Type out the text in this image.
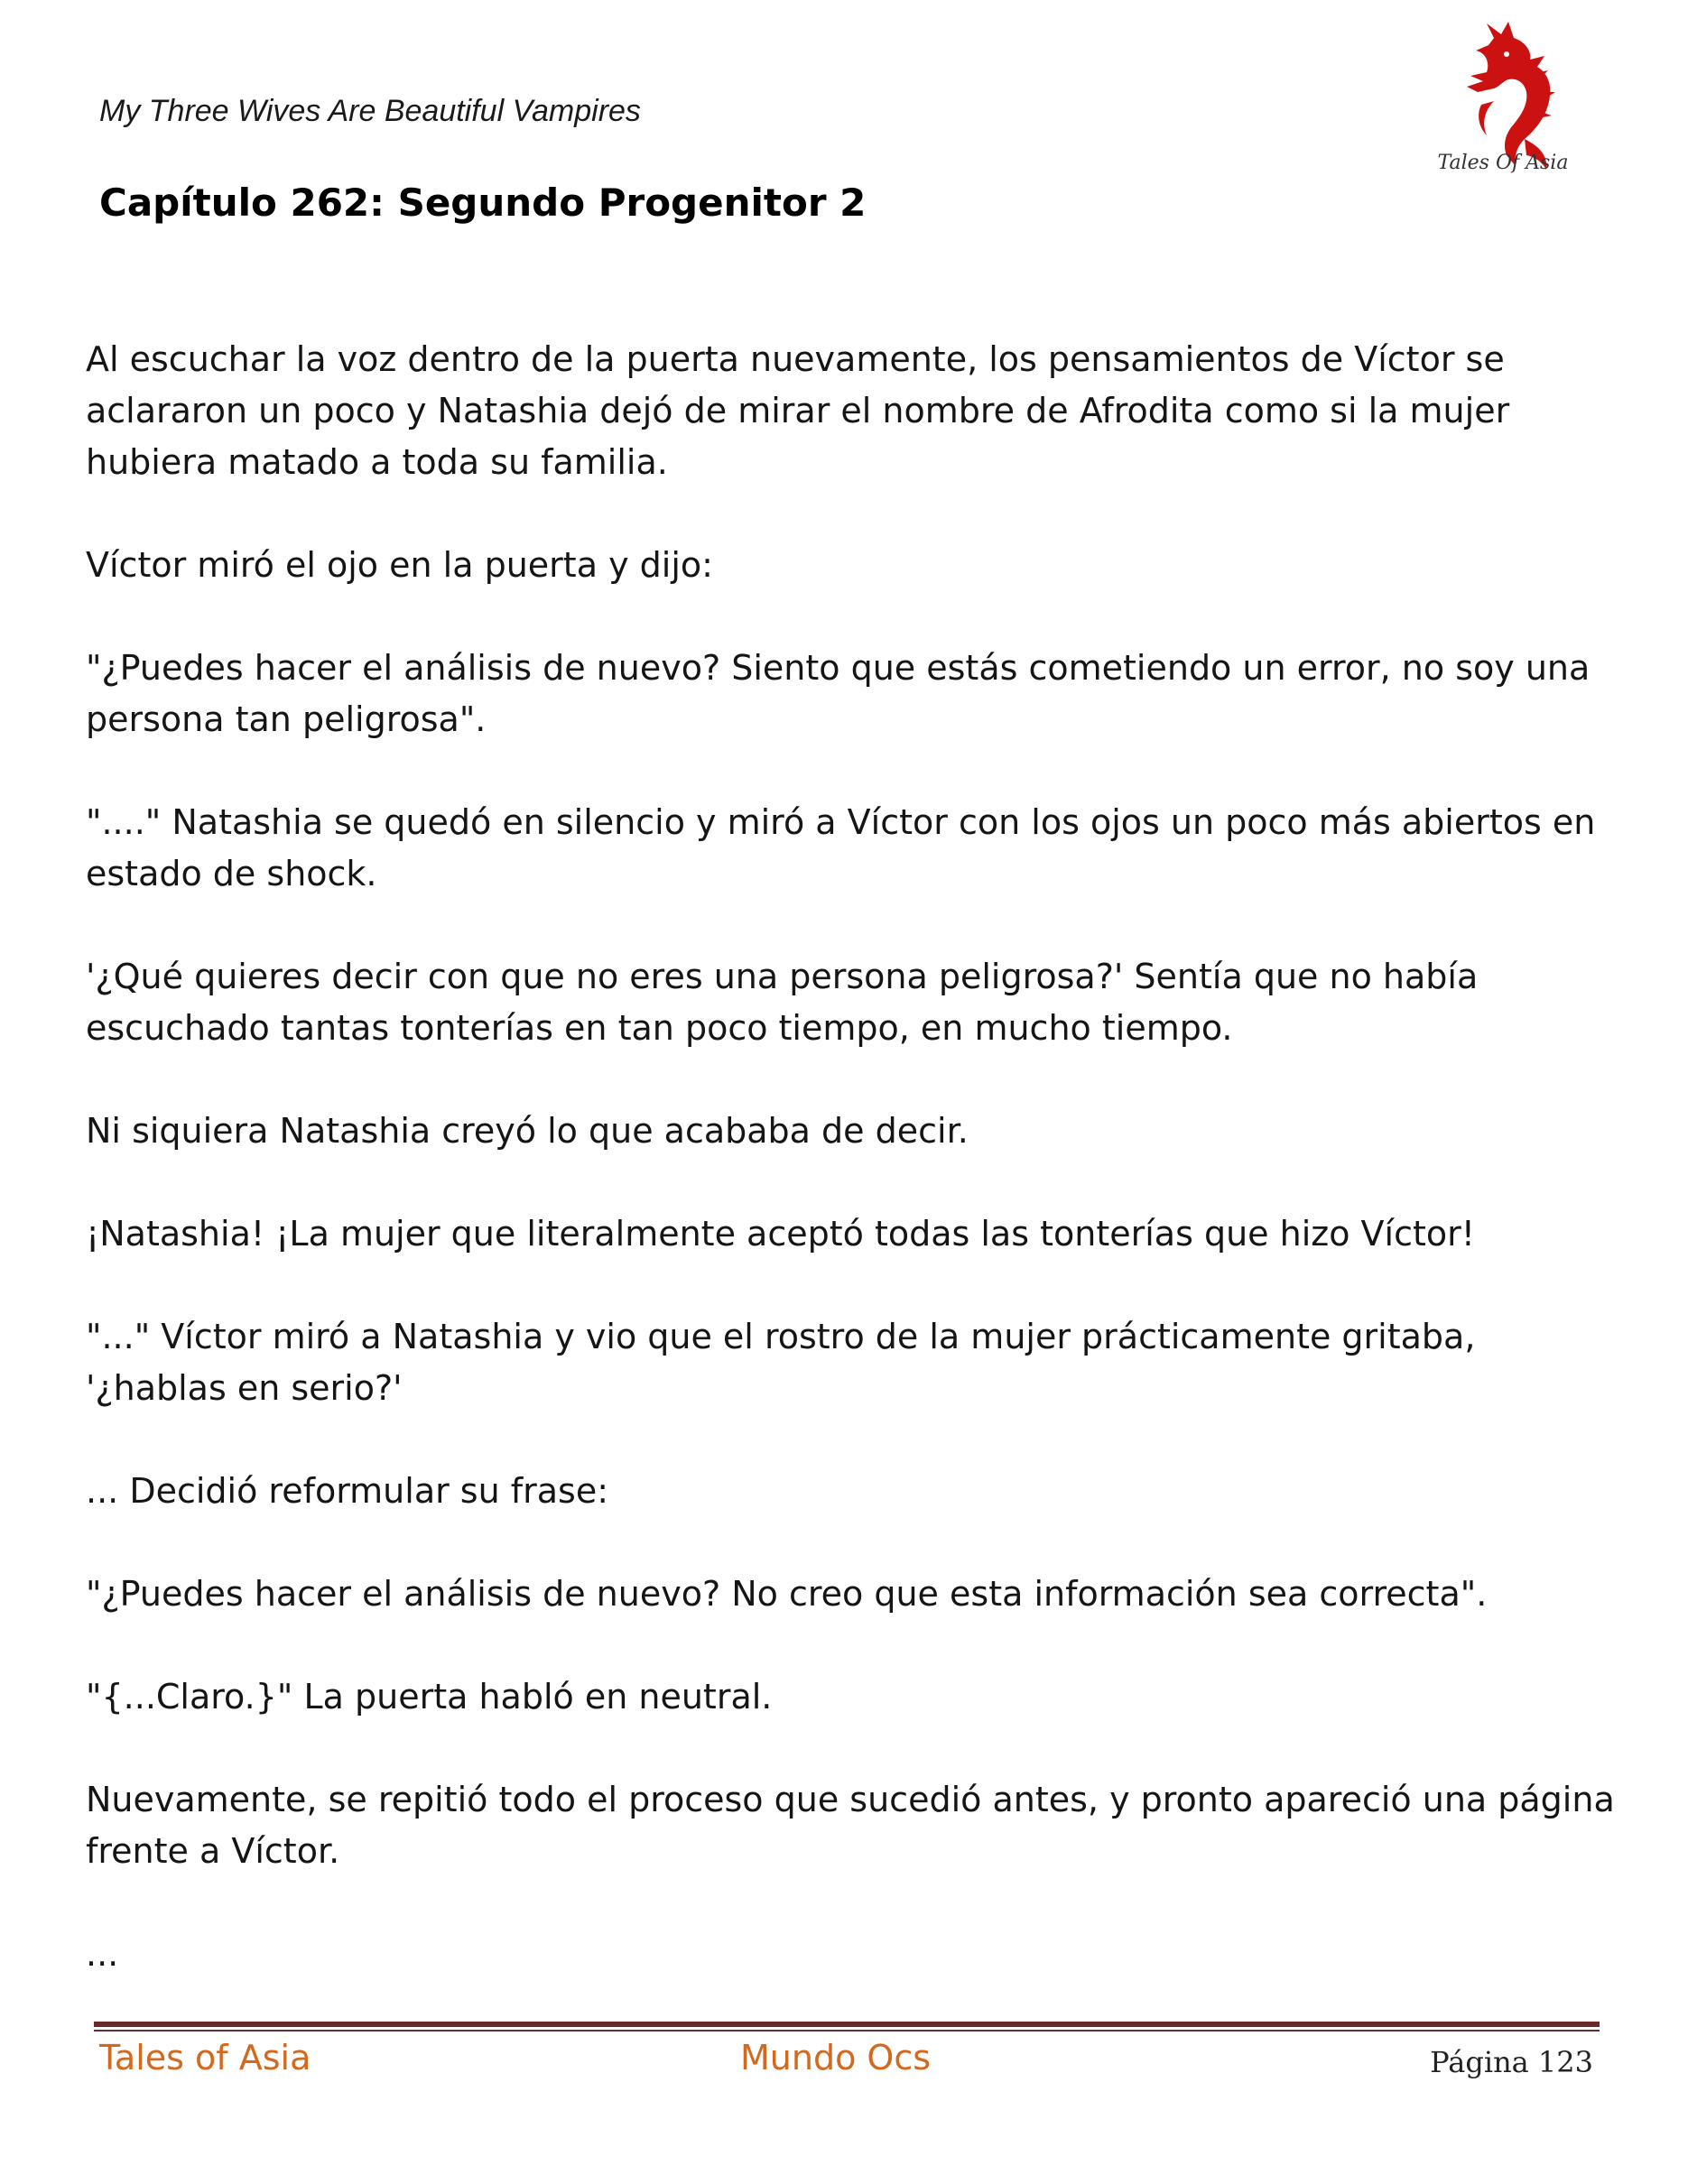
My Three Wives Are Beautiful Vampires
Capítulo 262: Segundo Progenitor 2
Tales Of Asia

Al escuchar la voz dentro de la puerta nuevamente, los pensamientos de Víctor se aclararon un poco y Natashia dejó de mirar el nombre de Afrodita como si la mujer hubiera matado a toda su familia.

Víctor miró el ojo en la puerta y dijo:

"¿Puedes hacer el análisis de nuevo? Siento que estás cometiendo un error, no soy una persona tan peligrosa".

"...." Natashia se quedó en silencio y miró a Víctor con los ojos un poco más abiertos en estado de shock.

'¿Qué quieres decir con que no eres una persona peligrosa?' Sentía que no había escuchado tantas tonterías en tan poco tiempo, en mucho tiempo.

Ni siquiera Natashia creyó lo que acababa de decir.

¡Natashia! ¡La mujer que literalmente aceptó todas las tonterías que hizo Víctor!

"..." Víctor miró a Natashia y vio que el rostro de la mujer prácticamente gritaba, '¿hablas en serio?'

... Decidió reformular su frase:

"¿Puedes hacer el análisis de nuevo? No creo que esta información sea correcta".

"{...Claro.}" La puerta habló en neutral.

Nuevamente, se repitió todo el proceso que sucedió antes, y pronto apareció una página frente a Víctor.

...

Tales of Asia	Mundo Ocs	Página 123
